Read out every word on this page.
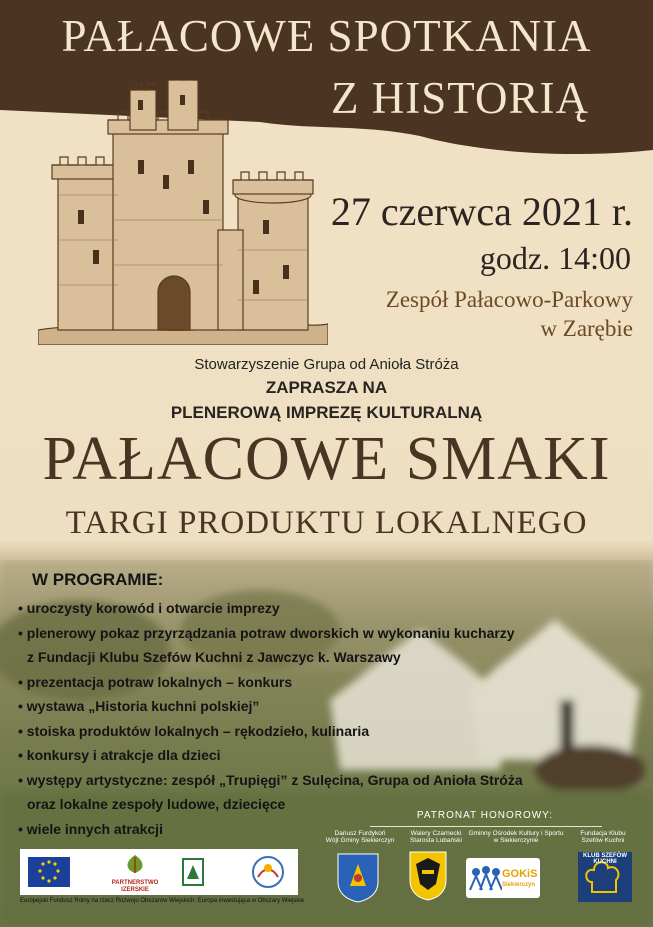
PAŁACOWE SPOTKANIA
Z HISTORIĄ
27 czerwca 2021 r.
godz. 14:00
Zespół Pałacowo-Parkowy
w Zarębie
Stowarzyszenie Grupa od Anioła Stróża
ZAPRASZA NA
PLENEROWĄ IMPREZĘ KULTURALNĄ
PAŁACOWE SMAKI
TARGI PRODUKTU LOKALNEGO
W PROGRAMIE:
• uroczysty korowód i otwarcie imprezy
• plenerowy pokaz przyrządzania potraw dworskich w wykonaniu kucharzy
z Fundacji Klubu Szefów Kuchni z Jawczyc k. Warszawy
• prezentacja potraw lokalnych – konkurs
• wystawa „Historia kuchni polskiej”
• stoiska produktów lokalnych – rękodzieło, kulinaria
• konkursy i atrakcje dla dzieci
• występy artystyczne: zespół „Trupięgi” z Sulęcina, Grupa od Anioła Stróża
oraz lokalne zespoły ludowe, dziecięce
• wiele innych atrakcji
PARTNERSTWO IZERSKIE
Europejski Fundusz Rolny na rzecz Rozwoju Obszarów Wiejskich: Europa inwestująca w Obszary Wiejskie
PATRONAT HONOROWY:
Dariusz Furdykoń
Wójt Gminy Siekierczyn
Walery Czarnecki
Starosta Lubański
Gminny Ośrodek Kultury i Sportu
w Siekierczynie
Fundacja Klubu
Szefów Kuchni
GOKiS
Siekierczyn
KLUB SZEFÓW KUCHNI
